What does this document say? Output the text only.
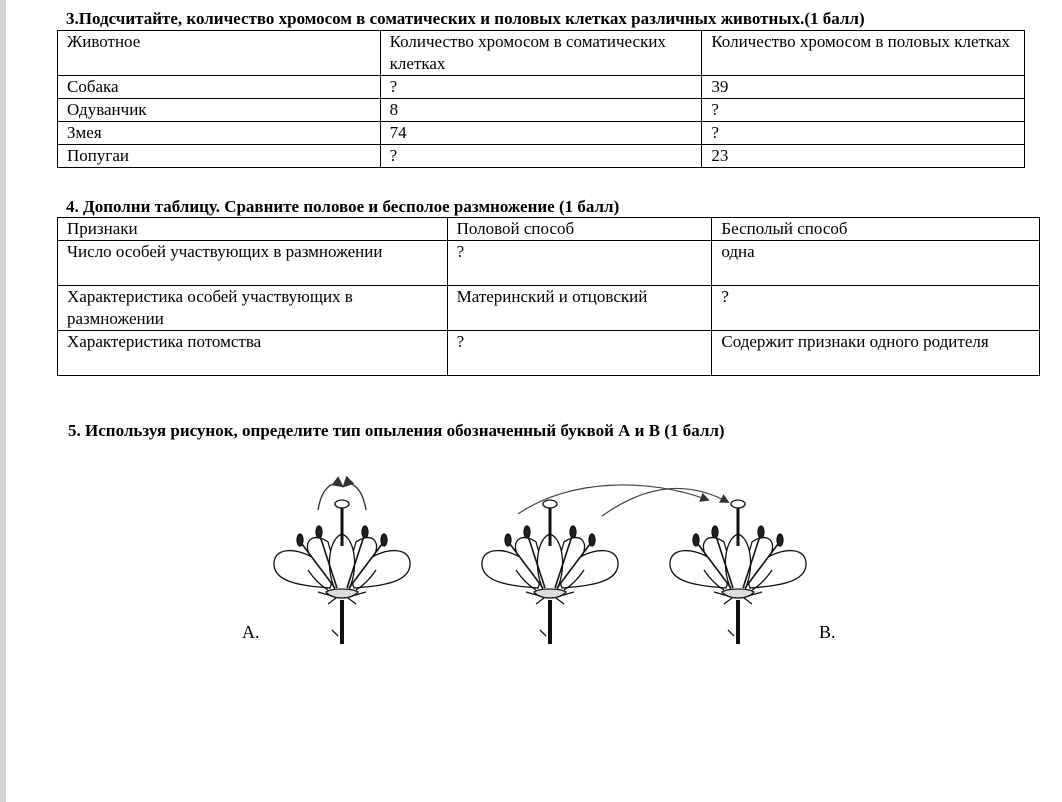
3.Подсчитайте, количество хромосом в соматических и половых клетках различных животных.(1 балл)
Животное	Количество хромосом в соматических клетках	Количество хромосом в половых клетках
Собака	?	39
Одуванчик	8	?
Змея	74	?
Попугаи	?	23
4. Дополни таблицу. Сравните половое и бесполое размножение (1 балл)
Признаки	Половой способ	Бесполый способ
Число особей участвующих в размножении	?	одна
Характеристика особей участвующих в размножении	Материнский и отцовский	?
Характеристика потомства	?	Содержит признаки одного родителя
5. Используя рисунок, определите тип опыления обозначенный буквой А и В (1 балл)
А.	В.
